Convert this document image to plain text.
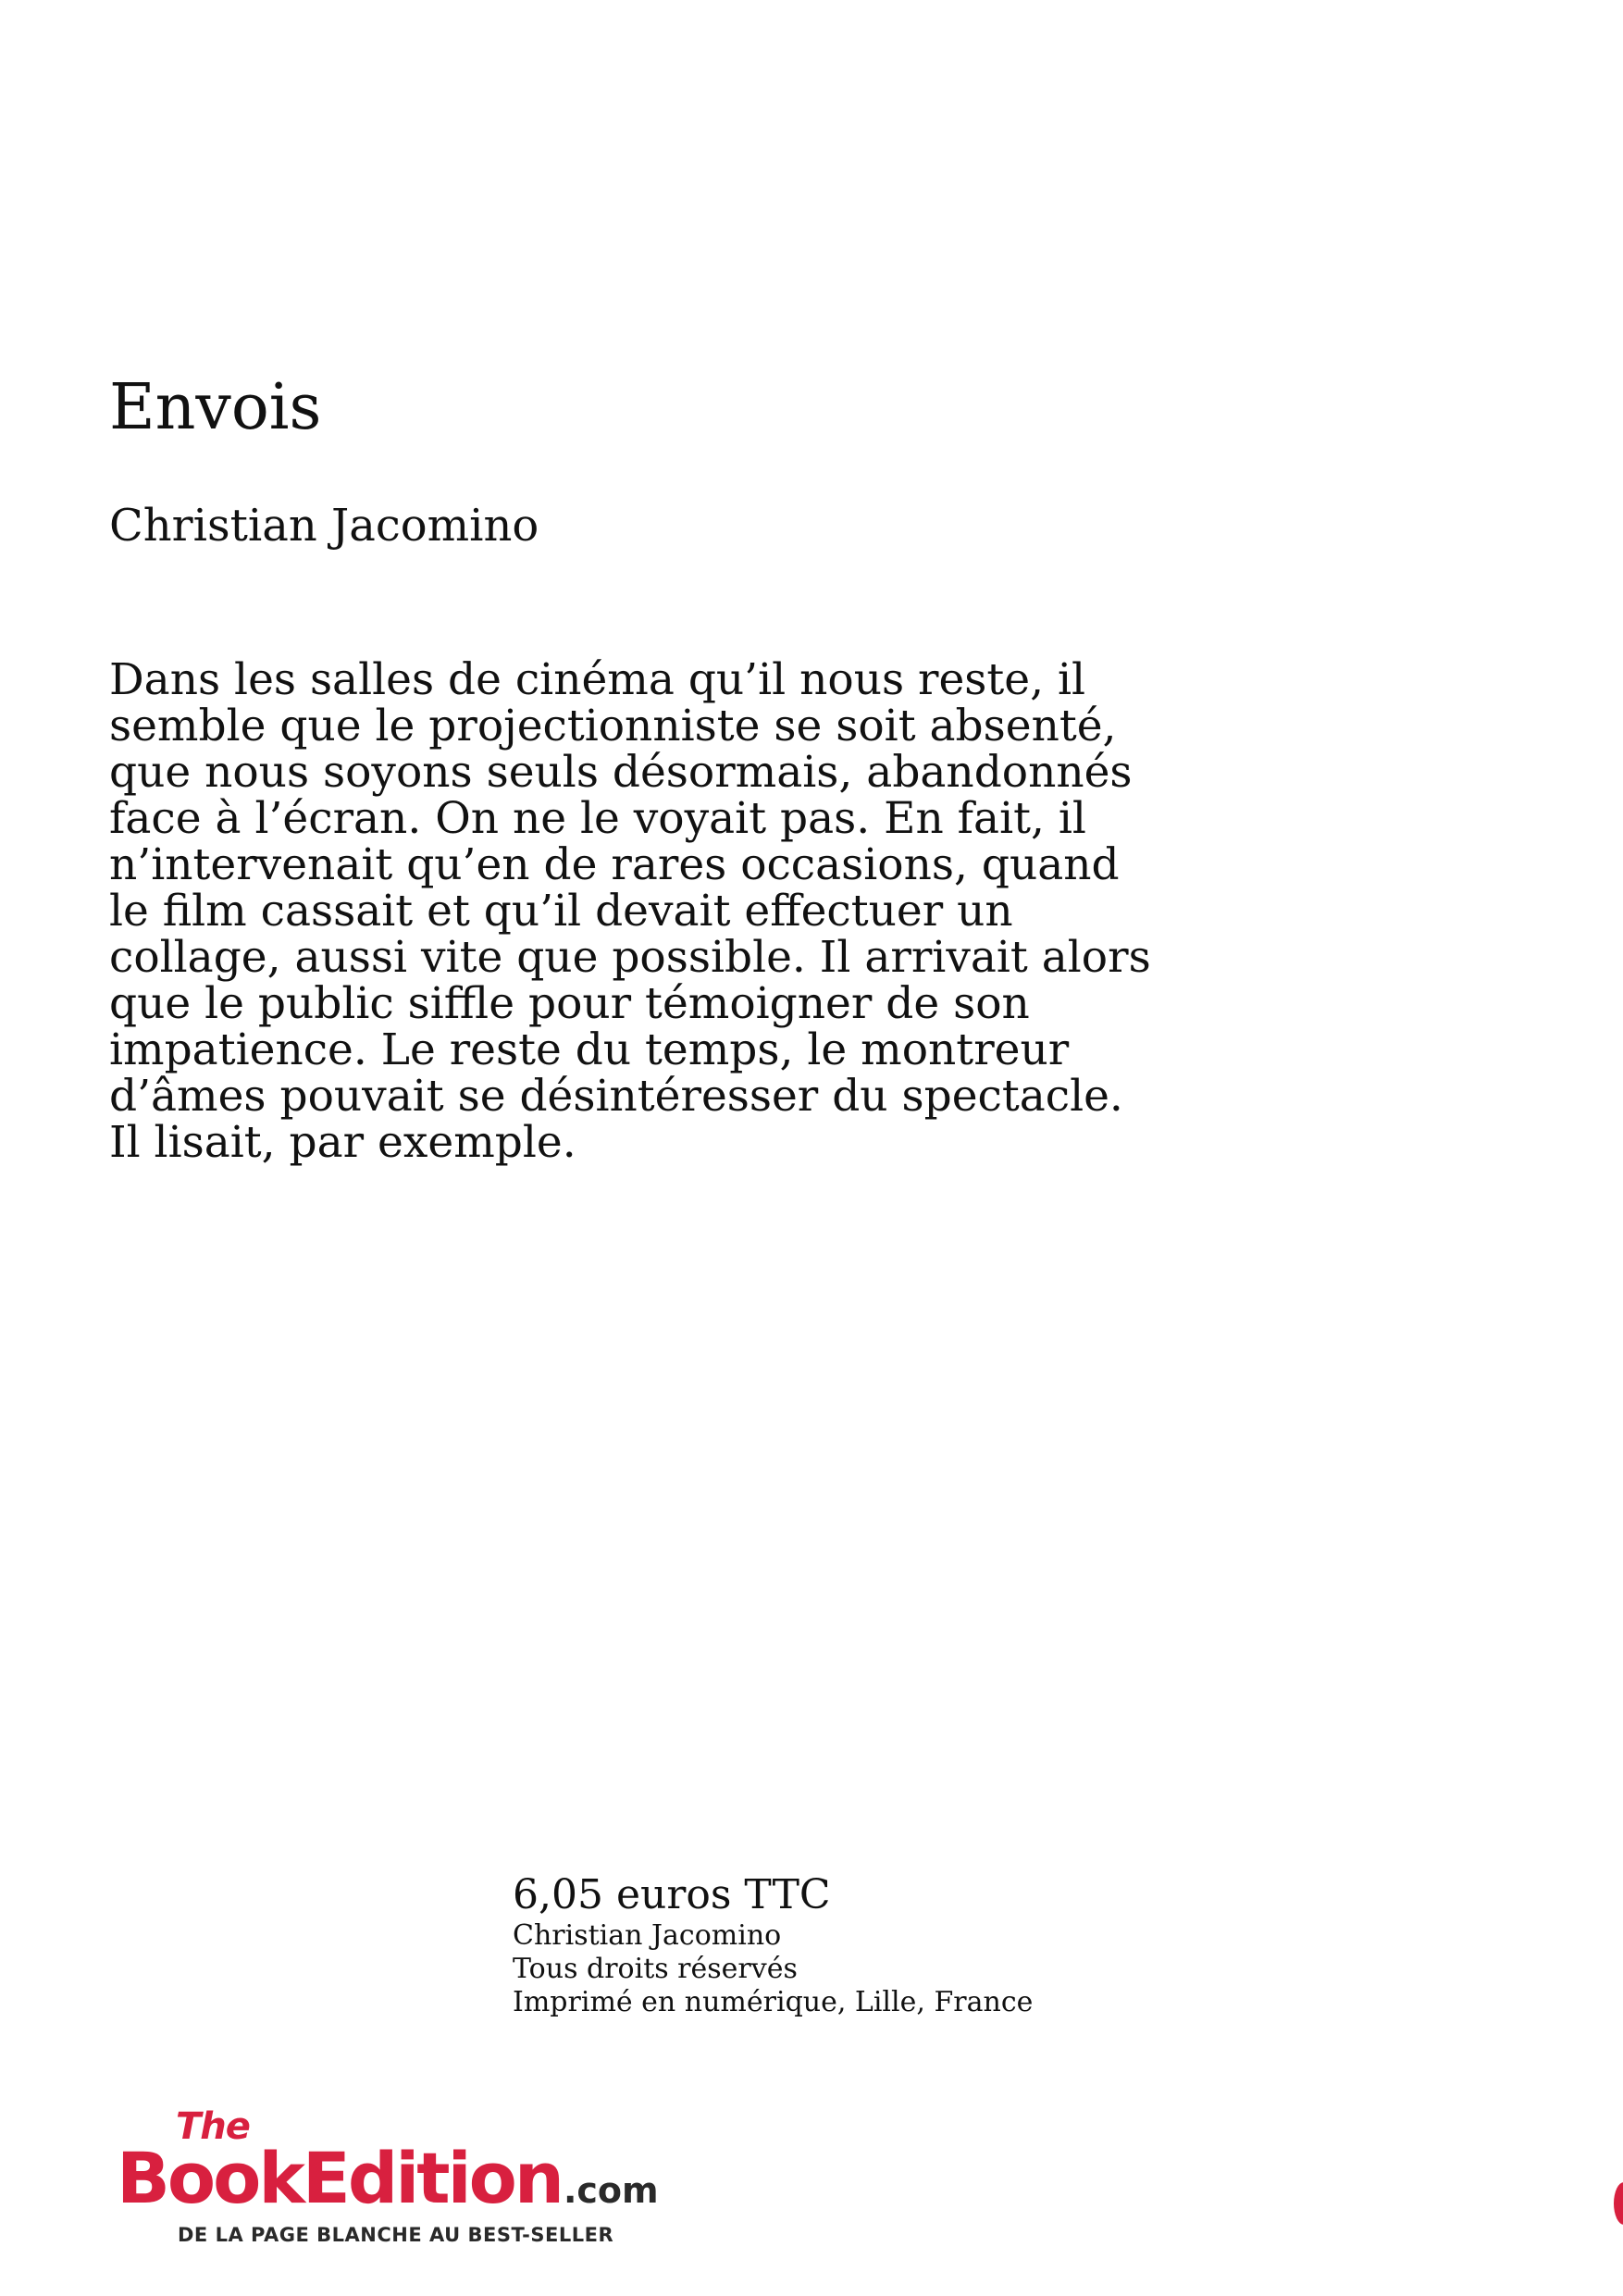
Envois

Christian Jacomino

Dans les salles de cinéma qu’il nous reste, il
semble que le projectionniste se soit absenté,
que nous soyons seuls désormais, abandonnés
face à l’écran. On ne le voyait pas. En fait, il
n’intervenait qu’en de rares occasions, quand
le film cassait et qu’il devait effectuer un
collage, aussi vite que possible. Il arrivait alors
que le public siffle pour témoigner de son
impatience. Le reste du temps, le montreur
d’âmes pouvait se désintéresser du spectacle.
Il lisait, par exemple.
6,05 euros TTC
Christian Jacomino
Tous droits réservés
Imprimé en numérique, Lille, France
The
BookEdition.com
DE LA PAGE BLANCHE AU BEST-SELLER
